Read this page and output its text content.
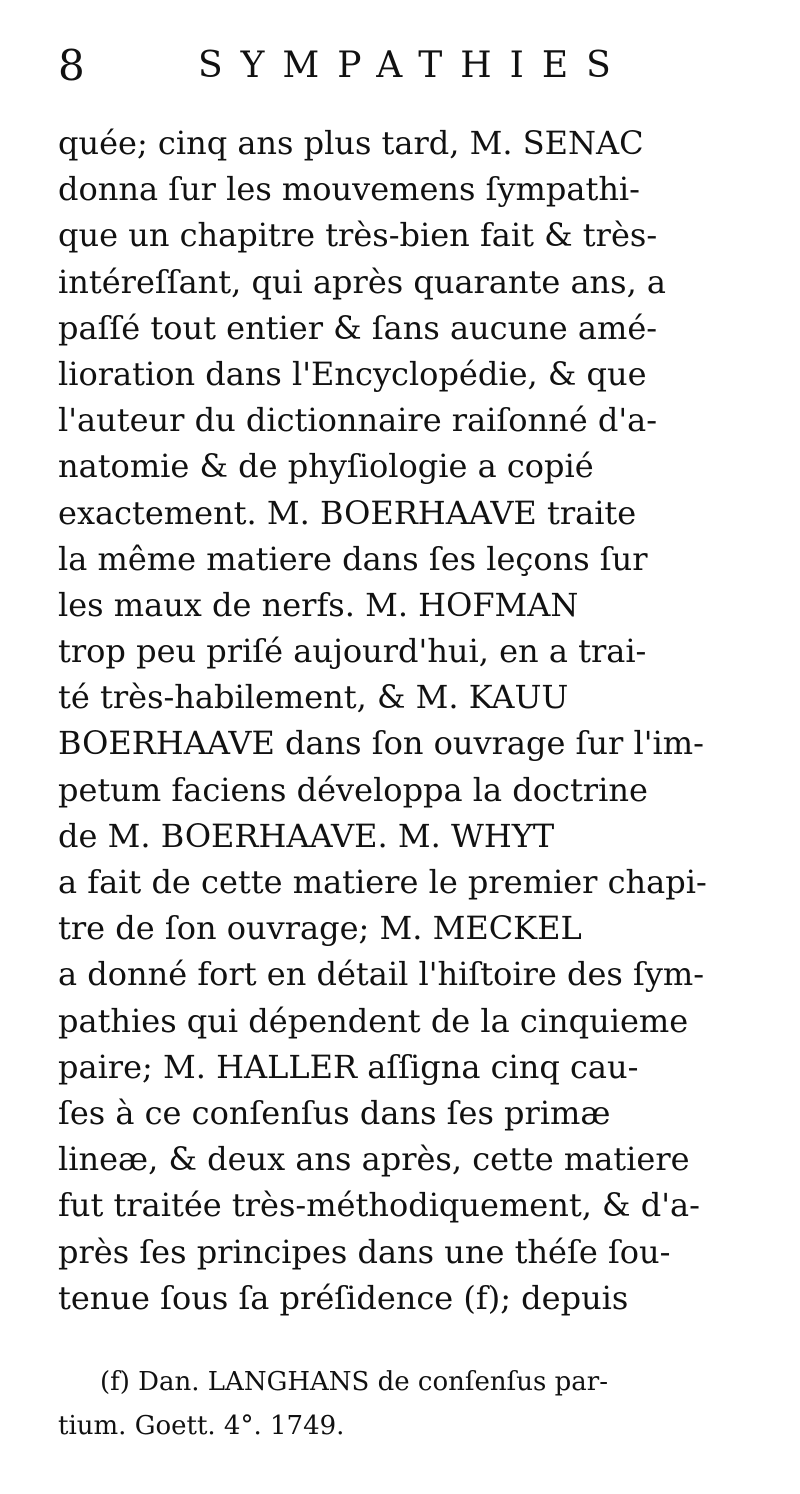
8	SYMPATHIES
quée; cinq ans plus tard, M. SENAC
donna ſur les mouvemens ſympathi-
que un chapitre très-bien fait & très-
intéreſſant, qui après quarante ans, a
paſſé tout entier & ſans aucune amé-
lioration dans l'Encyclopédie, & que
l'auteur du dictionnaire raiſonné d'a-
natomie & de phyſiologie a copié
exactement. M. BOERHAAVE traite
la même matiere dans ſes leçons ſur
les maux de nerfs. M. HOFMAN
trop peu priſé aujourd'hui, en a trai-
té très-habilement, & M. KAUU
BOERHAAVE dans ſon ouvrage ſur l'im-
petum faciens développa la doctrine
de M. BOERHAAVE. M. WHYT
a fait de cette matiere le premier chapi-
tre de ſon ouvrage; M. MECKEL
a donné fort en détail l'hiſtoire des ſym-
pathies qui dépendent de la cinquieme
paire; M. HALLER aſſigna cinq cau-
ſes à ce conſenſus dans ſes primæ
lineæ, & deux ans après, cette matiere
fut traitée très-méthodiquement, & d'a-
près ſes principes dans une théſe ſou-
tenue ſous ſa préſidence (f); depuis
(f) Dan. LANGHANS de conſenſus par-
tium. Goett. 4°. 1749.
